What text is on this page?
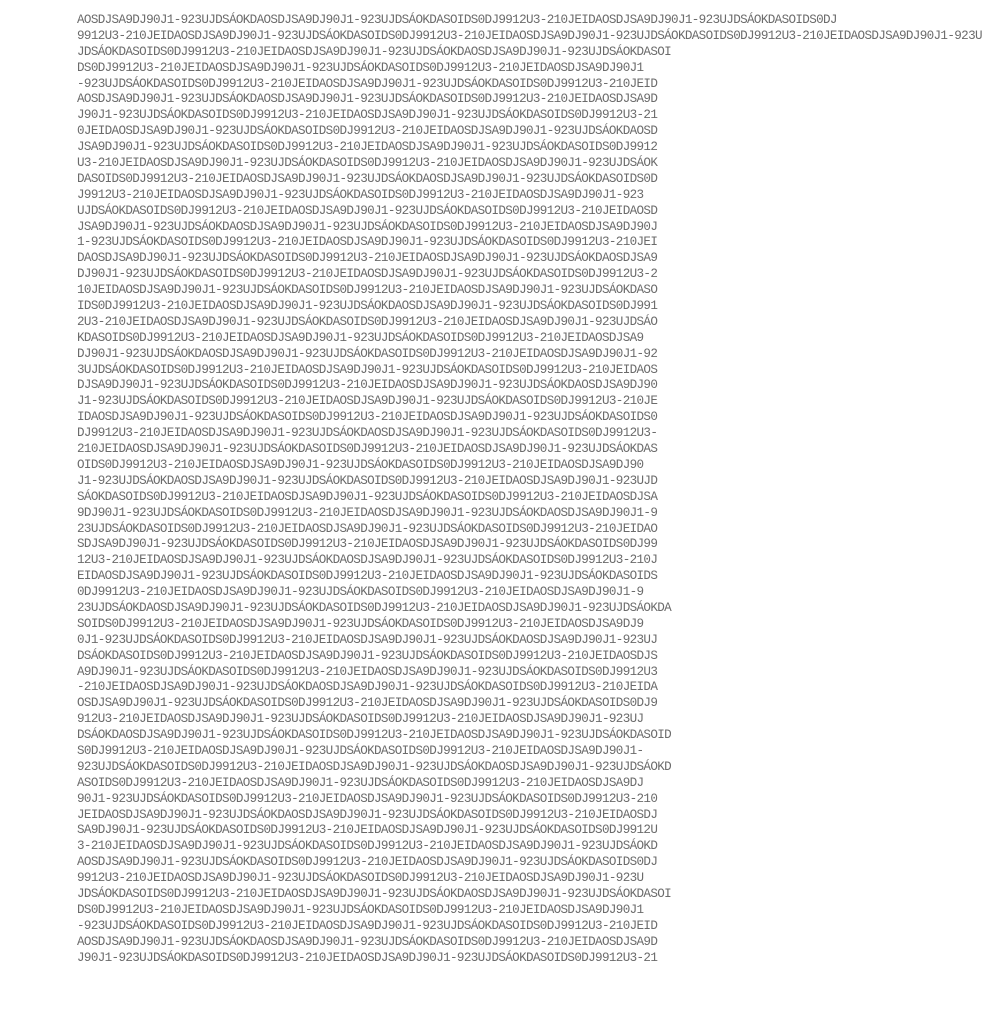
AOSDJSA9DJ90J1-923UJDSÁOKDAOSDJSA9DJ90J1-923UJDSÁOKDASOIDS0DJ9912U3-210JEIDAOSDJSA9DJ90J1-923UJDSÁOKDASOIDS0DJ
9912U3-210JEIDAOSDJSA9DJ90J1-923UJDSÁOKDASOIDS0DJ9912U3-210JEIDAOSDJSA9DJ90J1-923UJDSÁOKDASOIDS0DJ9912U3-210JEIDAOSDJSA9DJ90J1-923U
JDSÁOKDASOIDS0DJ9912U3-210JEIDAOSDJSA9DJ90J1-923UJDSÁOKDAOSDJSA9DJ90J1-923UJDSÁOKDASOI
DS0DJ9912U3-210JEIDAOSDJSA9DJ90J1-923UJDSÁOKDASOIDS0DJ9912U3-210JEIDAOSDJSA9DJ90J1
-923UJDSÁOKDASOIDS0DJ9912U3-210JEIDAOSDJSA9DJ90J1-923UJDSÁOKDASOIDS0DJ9912U3-210JEID
AOSDJSA9DJ90J1-923UJDSÁOKDAOSDJSA9DJ90J1-923UJDSÁOKDASOIDS0DJ9912U3-210JEIDAOSDJSA9D
J90J1-923UJDSÁOKDASOIDS0DJ9912U3-210JEIDAOSDJSA9DJ90J1-923UJDSÁOKDASOIDS0DJ9912U3-21
0JEIDAOSDJSA9DJ90J1-923UJDSÁOKDASOIDS0DJ9912U3-210JEIDAOSDJSA9DJ90J1-923UJDSÁOKDAOSD
JSA9DJ90J1-923UJDSÁOKDASOIDS0DJ9912U3-210JEIDAOSDJSA9DJ90J1-923UJDSÁOKDASOIDS0DJ9912
U3-210JEIDAOSDJSA9DJ90J1-923UJDSÁOKDASOIDS0DJ9912U3-210JEIDAOSDJSA9DJ90J1-923UJDSÁOK
DASOIDS0DJ9912U3-210JEIDAOSDJSA9DJ90J1-923UJDSÁOKDAOSDJSA9DJ90J1-923UJDSÁOKDASOIDS0D
J9912U3-210JEIDAOSDJSA9DJ90J1-923UJDSÁOKDASOIDS0DJ9912U3-210JEIDAOSDJSA9DJ90J1-923
UJDSÁOKDASOIDS0DJ9912U3-210JEIDAOSDJSA9DJ90J1-923UJDSÁOKDASOIDS0DJ9912U3-210JEIDAOSD
JSA9DJ90J1-923UJDSÁOKDAOSDJSA9DJ90J1-923UJDSÁOKDASOIDS0DJ9912U3-210JEIDAOSDJSA9DJ90J
1-923UJDSÁOKDASOIDS0DJ9912U3-210JEIDAOSDJSA9DJ90J1-923UJDSÁOKDASOIDS0DJ9912U3-210JEI
DAOSDJSA9DJ90J1-923UJDSÁOKDASOIDS0DJ9912U3-210JEIDAOSDJSA9DJ90J1-923UJDSÁOKDAOSDJSA9
DJ90J1-923UJDSÁOKDASOIDS0DJ9912U3-210JEIDAOSDJSA9DJ90J1-923UJDSÁOKDASOIDS0DJ9912U3-2
10JEIDAOSDJSA9DJ90J1-923UJDSÁOKDASOIDS0DJ9912U3-210JEIDAOSDJSA9DJ90J1-923UJDSÁOKDASO
IDS0DJ9912U3-210JEIDAOSDJSA9DJ90J1-923UJDSÁOKDAOSDJSA9DJ90J1-923UJDSÁOKDASOIDS0DJ991
2U3-210JEIDAOSDJSA9DJ90J1-923UJDSÁOKDASOIDS0DJ9912U3-210JEIDAOSDJSA9DJ90J1-923UJDSÁO
KDASOIDS0DJ9912U3-210JEIDAOSDJSA9DJ90J1-923UJDSÁOKDASOIDS0DJ9912U3-210JEIDAOSDJSA9
DJ90J1-923UJDSÁOKDAOSDJSA9DJ90J1-923UJDSÁOKDASOIDS0DJ9912U3-210JEIDAOSDJSA9DJ90J1-92
3UJDSÁOKDASOIDS0DJ9912U3-210JEIDAOSDJSA9DJ90J1-923UJDSÁOKDASOIDS0DJ9912U3-210JEIDAOS
DJSA9DJ90J1-923UJDSÁOKDASOIDS0DJ9912U3-210JEIDAOSDJSA9DJ90J1-923UJDSÁOKDAOSDJSA9DJ90
J1-923UJDSÁOKDASOIDS0DJ9912U3-210JEIDAOSDJSA9DJ90J1-923UJDSÁOKDASOIDS0DJ9912U3-210JE
IDAOSDJSA9DJ90J1-923UJDSÁOKDASOIDS0DJ9912U3-210JEIDAOSDJSA9DJ90J1-923UJDSÁOKDASOIDS0
DJ9912U3-210JEIDAOSDJSA9DJ90J1-923UJDSÁOKDAOSDJSA9DJ90J1-923UJDSÁOKDASOIDS0DJ9912U3-
210JEIDAOSDJSA9DJ90J1-923UJDSÁOKDASOIDS0DJ9912U3-210JEIDAOSDJSA9DJ90J1-923UJDSÁOKDAS
OIDS0DJ9912U3-210JEIDAOSDJSA9DJ90J1-923UJDSÁOKDASOIDS0DJ9912U3-210JEIDAOSDJSA9DJ90
J1-923UJDSÁOKDAOSDJSA9DJ90J1-923UJDSÁOKDASOIDS0DJ9912U3-210JEIDAOSDJSA9DJ90J1-923UJD
SÁOKDASOIDS0DJ9912U3-210JEIDAOSDJSA9DJ90J1-923UJDSÁOKDASOIDS0DJ9912U3-210JEIDAOSDJSA
9DJ90J1-923UJDSÁOKDASOIDS0DJ9912U3-210JEIDAOSDJSA9DJ90J1-923UJDSÁOKDAOSDJSA9DJ90J1-9
23UJDSÁOKDASOIDS0DJ9912U3-210JEIDAOSDJSA9DJ90J1-923UJDSÁOKDASOIDS0DJ9912U3-210JEIDAO
SDJSA9DJ90J1-923UJDSÁOKDASOIDS0DJ9912U3-210JEIDAOSDJSA9DJ90J1-923UJDSÁOKDASOIDS0DJ99
12U3-210JEIDAOSDJSA9DJ90J1-923UJDSÁOKDAOSDJSA9DJ90J1-923UJDSÁOKDASOIDS0DJ9912U3-210J
EIDAOSDJSA9DJ90J1-923UJDSÁOKDASOIDS0DJ9912U3-210JEIDAOSDJSA9DJ90J1-923UJDSÁOKDASOIDS
0DJ9912U3-210JEIDAOSDJSA9DJ90J1-923UJDSÁOKDASOIDS0DJ9912U3-210JEIDAOSDJSA9DJ90J1-9
23UJDSÁOKDAOSDJSA9DJ90J1-923UJDSÁOKDASOIDS0DJ9912U3-210JEIDAOSDJSA9DJ90J1-923UJDSÁOKDA
SOIDS0DJ9912U3-210JEIDAOSDJSA9DJ90J1-923UJDSÁOKDASOIDS0DJ9912U3-210JEIDAOSDJSA9DJ9
0J1-923UJDSÁOKDASOIDS0DJ9912U3-210JEIDAOSDJSA9DJ90J1-923UJDSÁOKDAOSDJSA9DJ90J1-923UJ
DSÁOKDASOIDS0DJ9912U3-210JEIDAOSDJSA9DJ90J1-923UJDSÁOKDASOIDS0DJ9912U3-210JEIDAOSDJS
A9DJ90J1-923UJDSÁOKDASOIDS0DJ9912U3-210JEIDAOSDJSA9DJ90J1-923UJDSÁOKDASOIDS0DJ9912U3
-210JEIDAOSDJSA9DJ90J1-923UJDSÁOKDAOSDJSA9DJ90J1-923UJDSÁOKDASOIDS0DJ9912U3-210JEIDA
OSDJSA9DJ90J1-923UJDSÁOKDASOIDS0DJ9912U3-210JEIDAOSDJSA9DJ90J1-923UJDSÁOKDASOIDS0DJ9
912U3-210JEIDAOSDJSA9DJ90J1-923UJDSÁOKDASOIDS0DJ9912U3-210JEIDAOSDJSA9DJ90J1-923UJ
DSÁOKDAOSDJSA9DJ90J1-923UJDSÁOKDASOIDS0DJ9912U3-210JEIDAOSDJSA9DJ90J1-923UJDSÁOKDASOID
S0DJ9912U3-210JEIDAOSDJSA9DJ90J1-923UJDSÁOKDASOIDS0DJ9912U3-210JEIDAOSDJSA9DJ90J1-
923UJDSÁOKDASOIDS0DJ9912U3-210JEIDAOSDJSA9DJ90J1-923UJDSÁOKDAOSDJSA9DJ90J1-923UJDSÁOKD
ASOIDS0DJ9912U3-210JEIDAOSDJSA9DJ90J1-923UJDSÁOKDASOIDS0DJ9912U3-210JEIDAOSDJSA9DJ
90J1-923UJDSÁOKDASOIDS0DJ9912U3-210JEIDAOSDJSA9DJ90J1-923UJDSÁOKDASOIDS0DJ9912U3-210
JEIDAOSDJSA9DJ90J1-923UJDSÁOKDAOSDJSA9DJ90J1-923UJDSÁOKDASOIDS0DJ9912U3-210JEIDAOSDJ
SA9DJ90J1-923UJDSÁOKDASOIDS0DJ9912U3-210JEIDAOSDJSA9DJ90J1-923UJDSÁOKDASOIDS0DJ9912U
3-210JEIDAOSDJSA9DJ90J1-923UJDSÁOKDASOIDS0DJ9912U3-210JEIDAOSDJSA9DJ90J1-923UJDSÁOKD
AOSDJSA9DJ90J1-923UJDSÁOKDASOIDS0DJ9912U3-210JEIDAOSDJSA9DJ90J1-923UJDSÁOKDASOIDS0DJ
9912U3-210JEIDAOSDJSA9DJ90J1-923UJDSÁOKDASOIDS0DJ9912U3-210JEIDAOSDJSA9DJ90J1-923U
JDSÁOKDASOIDS0DJ9912U3-210JEIDAOSDJSA9DJ90J1-923UJDSÁOKDAOSDJSA9DJ90J1-923UJDSÁOKDASOI
DS0DJ9912U3-210JEIDAOSDJSA9DJ90J1-923UJDSÁOKDASOIDS0DJ9912U3-210JEIDAOSDJSA9DJ90J1
-923UJDSÁOKDASOIDS0DJ9912U3-210JEIDAOSDJSA9DJ90J1-923UJDSÁOKDASOIDS0DJ9912U3-210JEID
AOSDJSA9DJ90J1-923UJDSÁOKDAOSDJSA9DJ90J1-923UJDSÁOKDASOIDS0DJ9912U3-210JEIDAOSDJSA9D
J90J1-923UJDSÁOKDASOIDS0DJ9912U3-210JEIDAOSDJSA9DJ90J1-923UJDSÁOKDASOIDS0DJ9912U3-21
